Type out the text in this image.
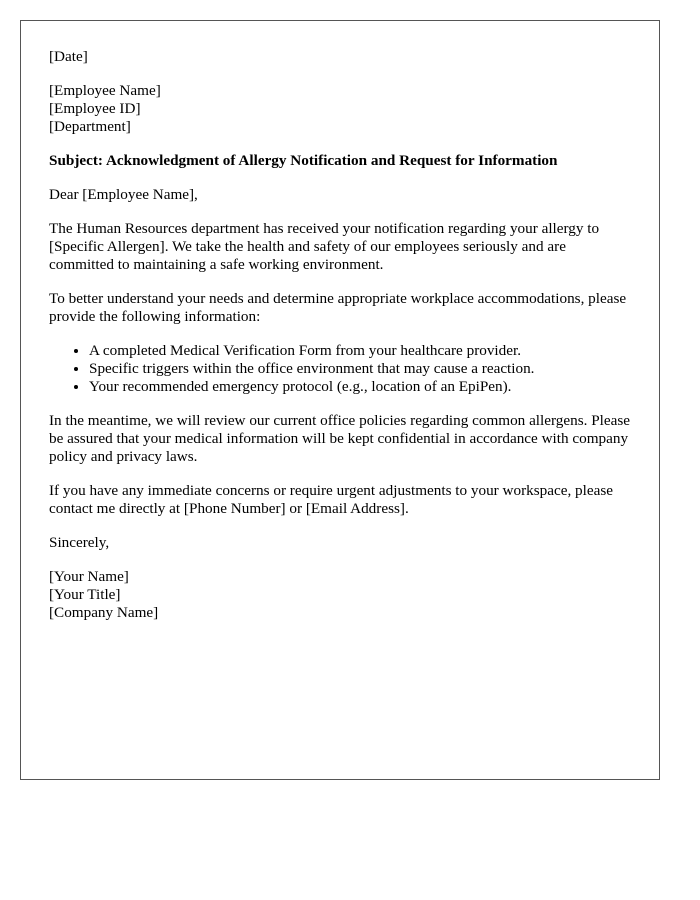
[Date]

[Employee Name]
[Employee ID]
[Department]

Subject: Acknowledgment of Allergy Notification and Request for Information

Dear [Employee Name],

The Human Resources department has received your notification regarding your allergy to [Specific Allergen]. We take the health and safety of our employees seriously and are committed to maintaining a safe working environment.

To better understand your needs and determine appropriate workplace accommodations, please provide the following information:

• A completed Medical Verification Form from your healthcare provider.
• Specific triggers within the office environment that may cause a reaction.
• Your recommended emergency protocol (e.g., location of an EpiPen).

In the meantime, we will review our current office policies regarding common allergens. Please be assured that your medical information will be kept confidential in accordance with company policy and privacy laws.

If you have any immediate concerns or require urgent adjustments to your workspace, please contact me directly at [Phone Number] or [Email Address].

Sincerely,

[Your Name]
[Your Title]
[Company Name]
